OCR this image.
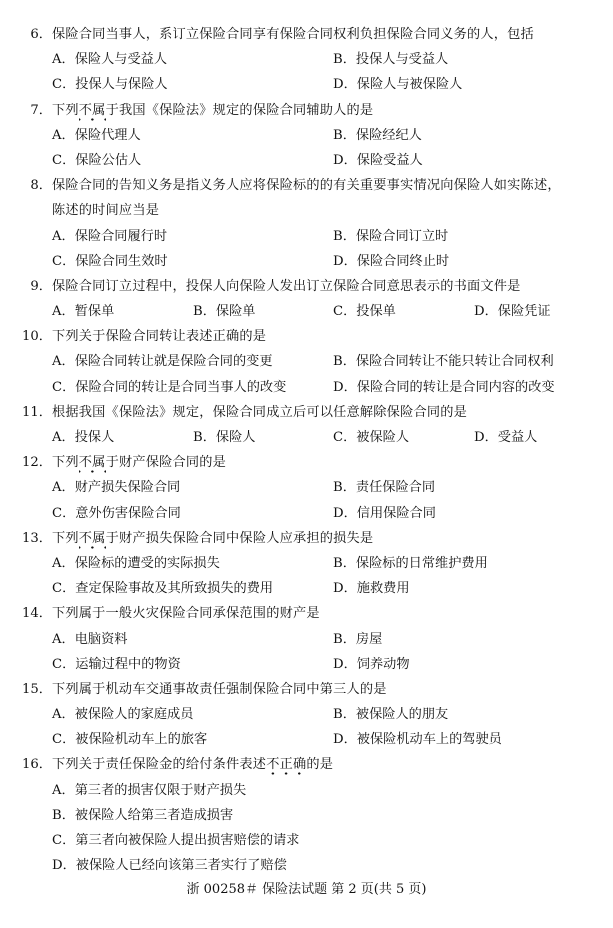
6． 保险合同当事人，系订立保险合同享有保险合同权利负担保险合同义务的人，包括
A．保险人与受益人	B．投保人与受益人
C．投保人与保险人	D．保险人与被保险人
7． 下列不属于我国《保险法》规定的保险合同辅助人的是
A．保险代理人	B．保险经纪人
C．保险公估人	D．保险受益人
8． 保险合同的告知义务是指义务人应将保险标的的有关重要事实情况向保险人如实陈述，
陈述的时间应当是
A．保险合同履行时	B．保险合同订立时
C．保险合同生效时	D．保险合同终止时
9． 保险合同订立过程中，投保人向保险人发出订立保险合同意思表示的书面文件是
A．暂保单	B．保险单	C．投保单	D．保险凭证
10． 下列关于保险合同转让表述正确的是
A．保险合同转让就是保险合同的变更	B．保险合同转让不能只转让合同权利
C．保险合同的转让是合同当事人的改变	D．保险合同的转让是合同内容的改变
11． 根据我国《保险法》规定，保险合同成立后可以任意解除保险合同的是
A．投保人	B．保险人	C．被保险人	D．受益人
12． 下列不属于财产保险合同的是
A．财产损失保险合同	B．责任保险合同
C．意外伤害保险合同	D．信用保险合同
13． 下列不属于财产损失保险合同中保险人应承担的损失是
A．保险标的遭受的实际损失	B．保险标的日常维护费用
C．查定保险事故及其所致损失的费用	D．施救费用
14． 下列属于一般火灾保险合同承保范围的财产是
A．电脑资料	B．房屋
C．运输过程中的物资	D．饲养动物
15． 下列属于机动车交通事故责任强制保险合同中第三人的是
A．被保险人的家庭成员	B．被保险人的朋友
C．被保险机动车上的旅客	D．被保险机动车上的驾驶员
16． 下列关于责任保险金的给付条件表述不正确的是
A．第三者的损害仅限于财产损失
B．被保险人给第三者造成损害
C．第三者向被保险人提出损害赔偿的请求
D．被保险人已经向该第三者实行了赔偿
浙 00258＃ 保险法试题 第 2 页(共 5 页)
